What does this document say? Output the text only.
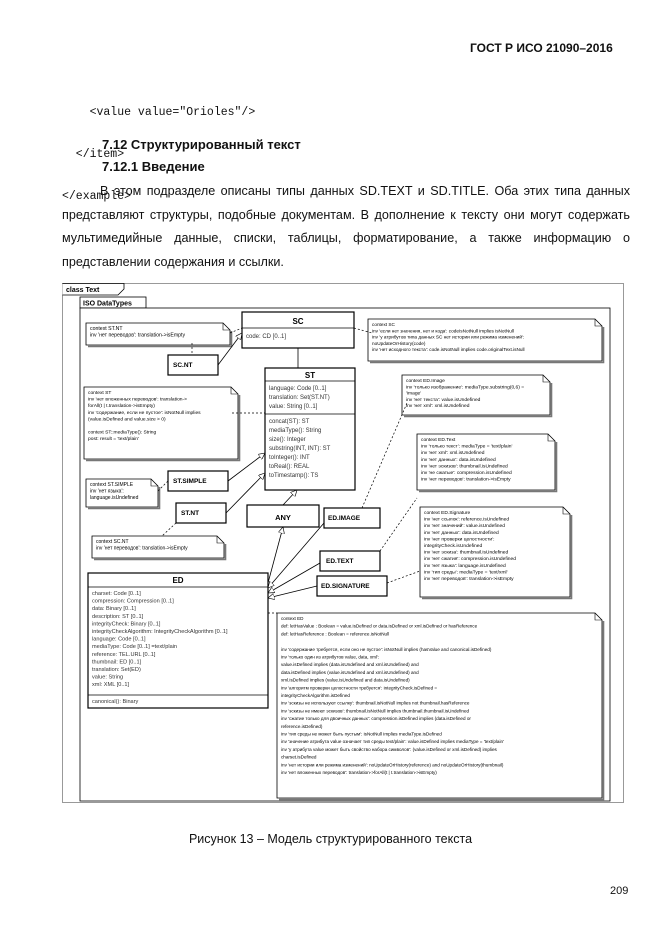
ГОСТ Р ИСО 21090–2016

<value value="Orioles"/>

</item>

</example>

7.12 Структурированный текст
7.12.1 Введение
В этом подразделе описаны типы данных SD.TEXT и SD.TITLE. Оба этих типа данных представляют структуры, подобные документам. В дополнение к тексту они могут содержать мультимедийные данные, списки, таблицы, форматирование, а также информацию о представлении содержания и ссылки.
class Text
ISO DataTypes
SC
code: CD [0..1]
SC.NT
ST
language: Code [0..1]
translation: Set(ST.NT)
value: String [0..1]
concat(ST): ST
mediaType(): String
size(): Integer
substring(INT, INT): ST
toInteger(): INT
toReal(): REAL
toTimestamp(): TS
ST.SIMPLE
ST.NT	ANY	ED.IMAGE
ED.TEXT
ED.SIGNATURE
ED
charset: Code [0..1]
compression: Compression [0..1]
data: Binary [0..1]
description: ST [0..1]
integrityCheck: Binary [0..1]
integrityCheckAlgorithm: IntegrityCheckAlgorithm [0..1]
language: Code [0..1]
mediaType: Code [0..1] =text/plain
reference: TEL.URL [0..1]
thumbnail: ED [0..1]
translation: Set(ED)
value: String
xml: XML [0..1]
canonical(): Binary
context ST.NT
inv 'нет переводов': translation->isEmpty
context SC
inv 'если нет значения, нет и кода': codeIsNotNull implies isNotNull
inv 'у атрибутов типа данных SC нет истории или режима изменений':
noUpdateOrHistory(code)
inv 'нет исходного текста': code.isNotNull implies code.originalText.isNull
context ST
inv 'нет вложенных переводов': translation->
forAll(t | t.translation->isEmpty)
inv 'содержание, если не пустое': isNotNull implies
(value.isDefined and value.size > 0)
context ST::mediaType(): String
post: result = 'text/plain'
context ST.SIMPLE
inv 'нет языка':
language.isUndefined
context SC.NT
inv 'нет переводов': translation->isEmpty
context ED.Image
inv 'только изображение': mediaType.substring(0,6) =
'image'
inv 'нет текста': value.isUndefined
inv 'нет xml': xml.isUndefined
context ED.Text
inv 'только текст': mediaType = 'text/plain'
inv 'нет xml': xml.isUndefined
inv 'нет данных': data.isUndefined
inv 'нет эскизов': thumbnail.isUndefined
inv 'не сжатые': compression.isUndefined
inv 'нет переводов': translation->isEmpty
context ED.Signature
inv 'нет ссылок': reference.isUndefined
inv 'нет значений': value.isUndefined
inv 'нет данных': data.isUndefined
inv 'нет проверки целостности':
integrityCheck.isUndefined
inv 'нет эскиза': thumbnail.isUndefined
inv 'нет сжатия': compression.isUndefined
inv 'нет языка': language.isUndefined
inv 'тип среды': mediaType = 'text/xml'
inv 'нет переводов': translation->isEmpty
context ED
def: letHasValue : Boolean = value.isDefined or data.isDefined or xml.isDefined or hasReference
def: letHasReference : Boolean = reference.isNotNull
inv 'содержание требуется, если оно не пустое': isNotNull implies (hasValue and canonical.isDefined)
inv 'только один из атрибутов value, data, xml':
value.isDefined implies (data.isUndefined and xml.isUndefined) and
data.isDefined implies (value.isUndefined and xml.isUndefined) and
xml.isDefined implies (value.isUndefined and data.isUndefined)
inv 'алгоритм проверки целостности требуется': integrityCheck.isDefined =
integrityCheckAlgorithm.isDefined
inv 'эскизы не используют ссылку': thumbnail.isNotNull implies not thumbnail.hasReference
inv 'эскизы не имеют эскизов': thumbnail.isNotNull implies thumbnail.thumbnail.isUndefined
inv 'сжатие только для двоичных данных': compression.isDefined implies (data.isDefined or
reference.isDefined)
inv 'тип среды не может быть пустым': isNotNull implies mediaType.isDefined
inv 'значение атрибута value означает тип среды text/plain': value.isDefined implies mediaType = 'text/plain'
inv 'у атрибута value может быть свойство набора символов': (value.isDefined or xml.isDefined) implies
charset.isDefined
inv 'нет истории или режима изменений': noUpdateOrHistory(reference) and noUpdateOrHistory(thumbnail)
inv 'нет вложенных переводов': translation->forAll(t | t.translation->isEmpty)
Рисунок 13 – Модель структурированного текста
209
